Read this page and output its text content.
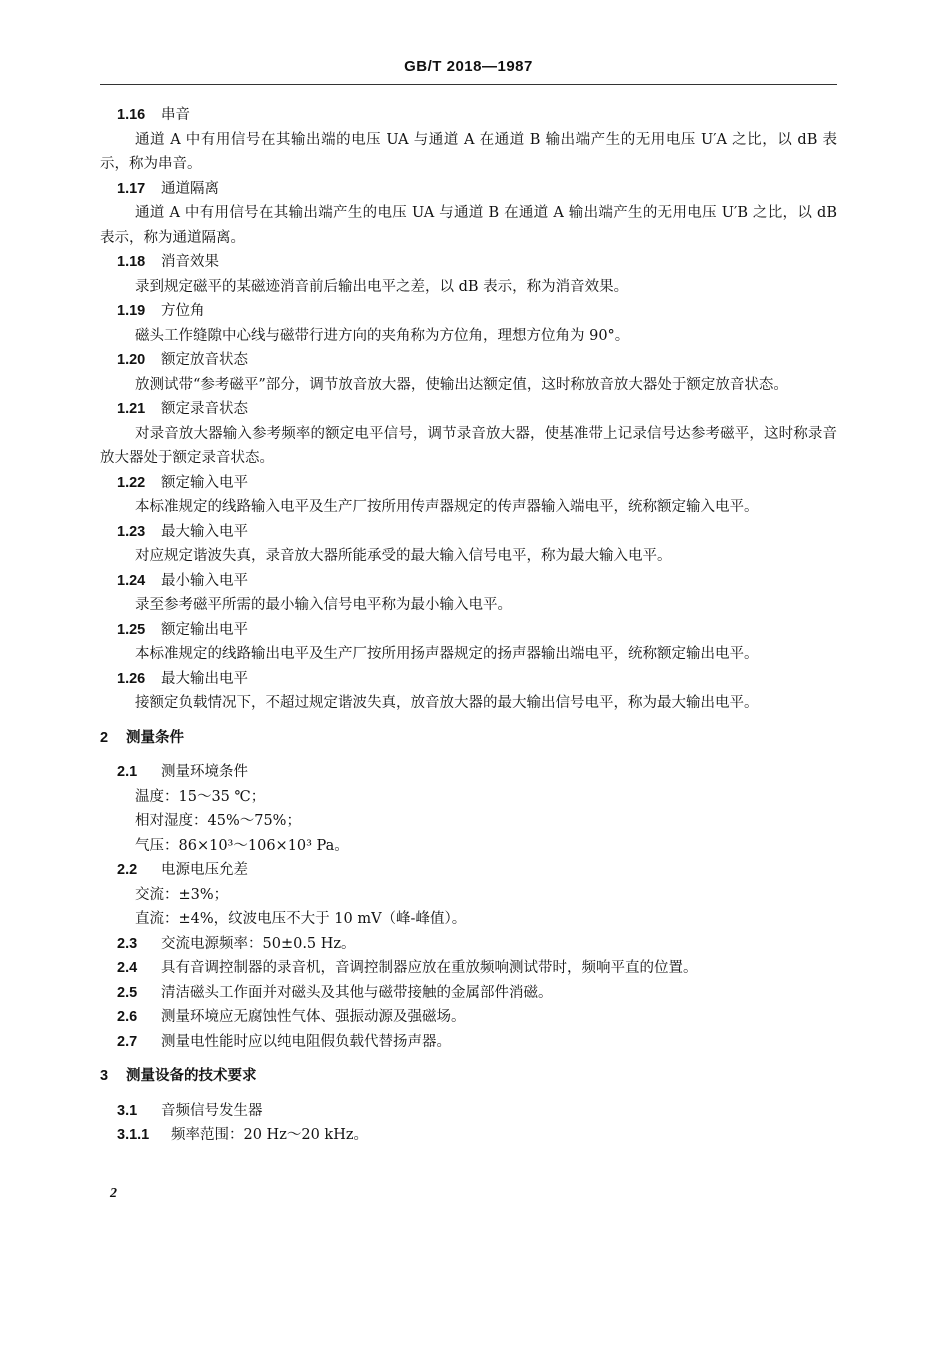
GB/T 2018—1987
1.16 串音
通道 A 中有用信号在其输出端的电压 UA 与通道 A 在通道 B 输出端产生的无用电压 U′A 之比，以 dB 表示，称为串音。
1.17 通道隔离
通道 A 中有用信号在其输出端产生的电压 UA 与通道 B 在通道 A 输出端产生的无用电压 U′B 之比，以 dB 表示，称为通道隔离。
1.18 消音效果
录到规定磁平的某磁迹消音前后输出电平之差，以 dB 表示，称为消音效果。
1.19 方位角
磁头工作缝隙中心线与磁带行进方向的夹角称为方位角，理想方位角为 90°。
1.20 额定放音状态
放测试带“参考磁平”部分，调节放音放大器，使输出达额定值，这时称放音放大器处于额定放音状态。
1.21 额定录音状态
对录音放大器输入参考频率的额定电平信号，调节录音放大器，使基准带上记录信号达参考磁平，这时称录音放大器处于额定录音状态。
1.22 额定输入电平
本标准规定的线路输入电平及生产厂按所用传声器规定的传声器输入端电平，统称额定输入电平。
1.23 最大输入电平
对应规定谐波失真，录音放大器所能承受的最大输入信号电平，称为最大输入电平。
1.24 最小输入电平
录至参考磁平所需的最小输入信号电平称为最小输入电平。
1.25 额定输出电平
本标准规定的线路输出电平及生产厂按所用扬声器规定的扬声器输出端电平，统称额定输出电平。
1.26 最大输出电平
接额定负载情况下，不超过规定谐波失真，放音放大器的最大输出信号电平，称为最大输出电平。
2 测量条件
2.1 测量环境条件
温度：15～35 ℃；
相对湿度：45%～75%；
气压：86×10³～106×10³ Pa。
2.2 电源电压允差
交流：±3%；
直流：±4%，纹波电压不大于 10 mV（峰-峰值）。
2.3 交流电源频率：50±0.5 Hz。
2.4 具有音调控制器的录音机，音调控制器应放在重放频响测试带时，频响平直的位置。
2.5 清洁磁头工作面并对磁头及其他与磁带接触的金属部件消磁。
2.6 测量环境应无腐蚀性气体、强振动源及强磁场。
2.7 测量电性能时应以纯电阻假负载代替扬声器。
3 测量设备的技术要求
3.1 音频信号发生器
3.1.1 频率范围：20 Hz～20 kHz。
2
